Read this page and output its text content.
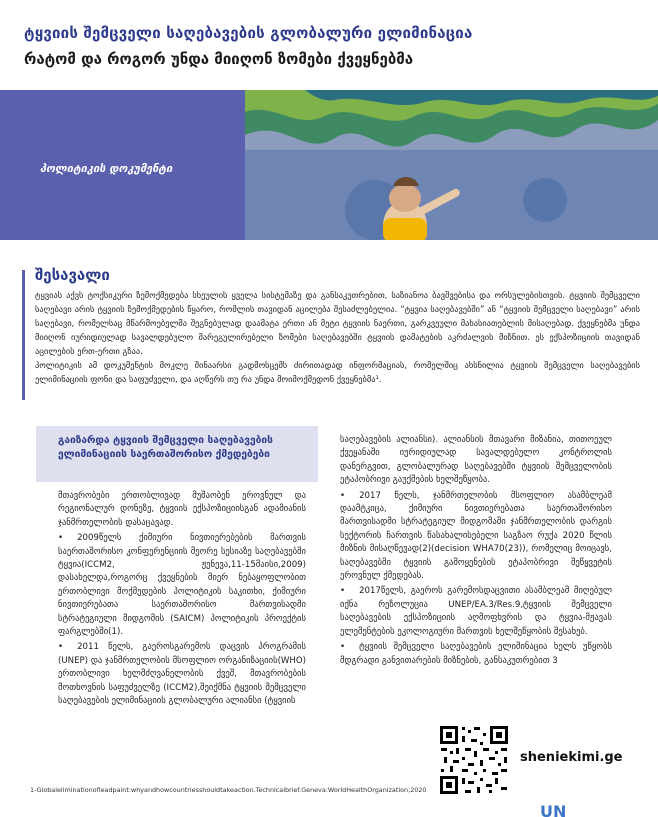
ტყვიის შემცველი საღებავების გლობალური ელიმინაცია
რატომ და როგორ უნდა მიიღონ ზომები ქვეყნებმა
პოლიტიკის დოკუმენტი
შესავალი

ტყვიას აქვს ტოქსიკური ზემოქმედება სხეულის ყველა სისტემაზე და განსაკუთრებით, საზიანოა ბავშვებისა და ორსულებისთვის. ტყვიის შემცველი საღებავი არის ტყვიის ზემოქმედების წყარო, რომლის თავიდან აცილება შესაძლებელია. “ტყვია საღებავებში” ან “ტყვიის შემცველი საღებავი” არის საღებავი, რომელსაც მწარმოებელმა შეგნებულად დაამატა ერთი ან მეტი ტყვიის ნაერთი, გარკვეული მახასიათებლის მისაღებად. ქვეყნებმა უნდა მიიღონ იურიდიულად სავალდებულო მარეგულირებელი ზომები საღებავებში ტყვიის დამატების აკრძალვის მიზნით. ეს ექსპოზიციის თავიდან აცილების ერთ-ერთი გზაა.

პოლიტიკის ამ დოკუმენტის მოკლე შინაარსი გადმოსცემს ძირითადად ინფორმაციას, რომელშიც ახსნილია ტყვიის შემცველი საღებავების ელიმინაციის ფონი და საფუძველი, და აღწერს თუ რა უნდა მოიმოქმედონ ქვეყნებმა¹.

გაიზარდა ტყვიის შემცველი საღებავების ელიმინაციის საერთაშორისო ქმედებები

მთავრობები ერთობლივად მუშაობენ ეროვნულ და რეგიონალურ დონეზე, ტყვიის ექსპოზიციისგან ადამიანის ჯანმრთელობის დასაცავად.

• 2009წელს ქიმიური ნივთიერებების მართვის საერთაშორისო კონფერენციის მეორე სესიაზე საღებავებში ტყვია(ICCM2, ჟენევა,11-15მაისი,2009) დასახელდა,როგორც ქვეყნების მიერ ნებაყოფლობით ერთობლივი მოქმედების პოლიტიკის საკითხი, ქიმიური ნივთიერებათა საერთაშორისო მართვისადმი სტრატეგიული მიდგომის (SAICM) პოლიტიკის პროექტის ფარგლებში(1).

• 2011 წელს, გაეროსგარემოს დაცვის პროგრამის (UNEP) და ჯანმრთელობის მსოფლიო ორგანიზაციის(WHO) ერთობლივი ხელმძღვანელობის ქვეშ, მთავრობების მოთხოვნის საფუძველზე (ICCM2),შეიქმნა ტყვიის შემცველი საღებავების ელიმინაციის გლობალური ალიანსი (ტყვიის

საღებავების ალიანსი). ალიანსის მთავარი მიზანია, თითოეულ ქვეყანაში იურიდიულად სავალდებულო კონტროლის დანერგვით, გლობალურად საღებავებში ტყვიის შემცველობის ეტაპობრივი გაუქმების ხელშეწყობა.

• 2017 წელს, ჯანმრთელობის მსოფლიო ასამბლეამ დაამტკიცა, ქიმიური ნივთიერებათა საერთაშორისო მართვისადმი სტრატეგიულ მიდგომაში ჯანმრთელობის დარგის სექტორის ჩართვის წასახალისებელი საგზაო რუქა 2020 წლის მიზნის მისაღწევად(2)(decision WHA70(23)), რომელიც მოიცავს, საღებავებში ტყვიის გამოყენების ეტაპობრივი შეწყვეტის ეროვნულ ქმედებას.

• 2017წელს, გაეროს გარემოსდაცვითი ასამბლეამ მიღებულ იქნა რეზოლუცია UNEP/EA.3/Res.9,ტყვიის შემცველი საღებავების ექსპოზიციის აღმოფხვრის და ტყვია-მჟავას ელემენტების ეკოლოგიური მართვის ხელშეწყობის შესახებ.

• ტყვიის შემცველი საღებავების ელიმინაცია ხელს უწყობს მდგრადი განვითარების მიზნების, განსაკუთრებით 3

sheniekimi.ge
1-Globaleliminationofleadpaint:whyandhowcountriesshouldtakeaction.Technicalbrief.Geneva:WorldHealthOrganization;2020
UN
